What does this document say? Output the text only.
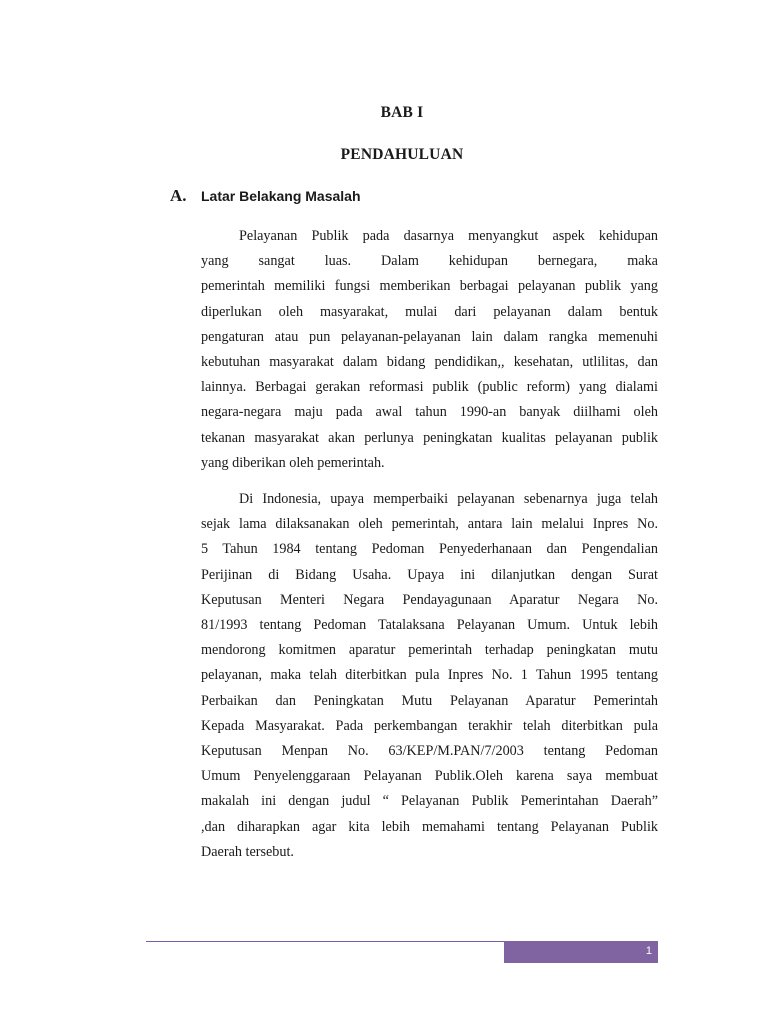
BAB I
PENDAHULUAN
A.	Latar Belakang Masalah
Pelayanan Publik pada dasarnya menyangkut aspek kehidupan
yang sangat luas. Dalam kehidupan bernegara, maka
pemerintah memiliki fungsi memberikan berbagai pelayanan publik yang
diperlukan oleh masyarakat, mulai dari pelayanan dalam bentuk
pengaturan atau pun pelayanan-pelayanan lain dalam rangka memenuhi
kebutuhan masyarakat dalam bidang pendidikan,, kesehatan, utlilitas, dan
lainnya. Berbagai gerakan reformasi publik (public reform) yang dialami
negara-negara maju pada awal tahun 1990-an banyak diilhami oleh
tekanan masyarakat akan perlunya peningkatan kualitas pelayanan publik
yang diberikan oleh pemerintah.
Di Indonesia, upaya memperbaiki pelayanan sebenarnya juga telah
sejak lama dilaksanakan oleh pemerintah, antara lain melalui Inpres No.
5 Tahun 1984 tentang Pedoman Penyederhanaan dan Pengendalian
Perijinan di Bidang Usaha. Upaya ini dilanjutkan dengan Surat
Keputusan Menteri Negara Pendayagunaan Aparatur Negara No.
81/1993 tentang Pedoman Tatalaksana Pelayanan Umum. Untuk lebih
mendorong komitmen aparatur pemerintah terhadap peningkatan mutu
pelayanan, maka telah diterbitkan pula Inpres No. 1 Tahun 1995 tentang
Perbaikan dan Peningkatan Mutu Pelayanan Aparatur Pemerintah
Kepada Masyarakat. Pada perkembangan terakhir telah diterbitkan pula
Keputusan Menpan No. 63/KEP/M.PAN/7/2003 tentang Pedoman
Umum Penyelenggaraan Pelayanan Publik.Oleh karena saya membuat
makalah ini dengan judul “ Pelayanan Publik Pemerintahan Daerah”
,dan diharapkan agar kita lebih memahami tentang Pelayanan Publik
Daerah tersebut.
1
